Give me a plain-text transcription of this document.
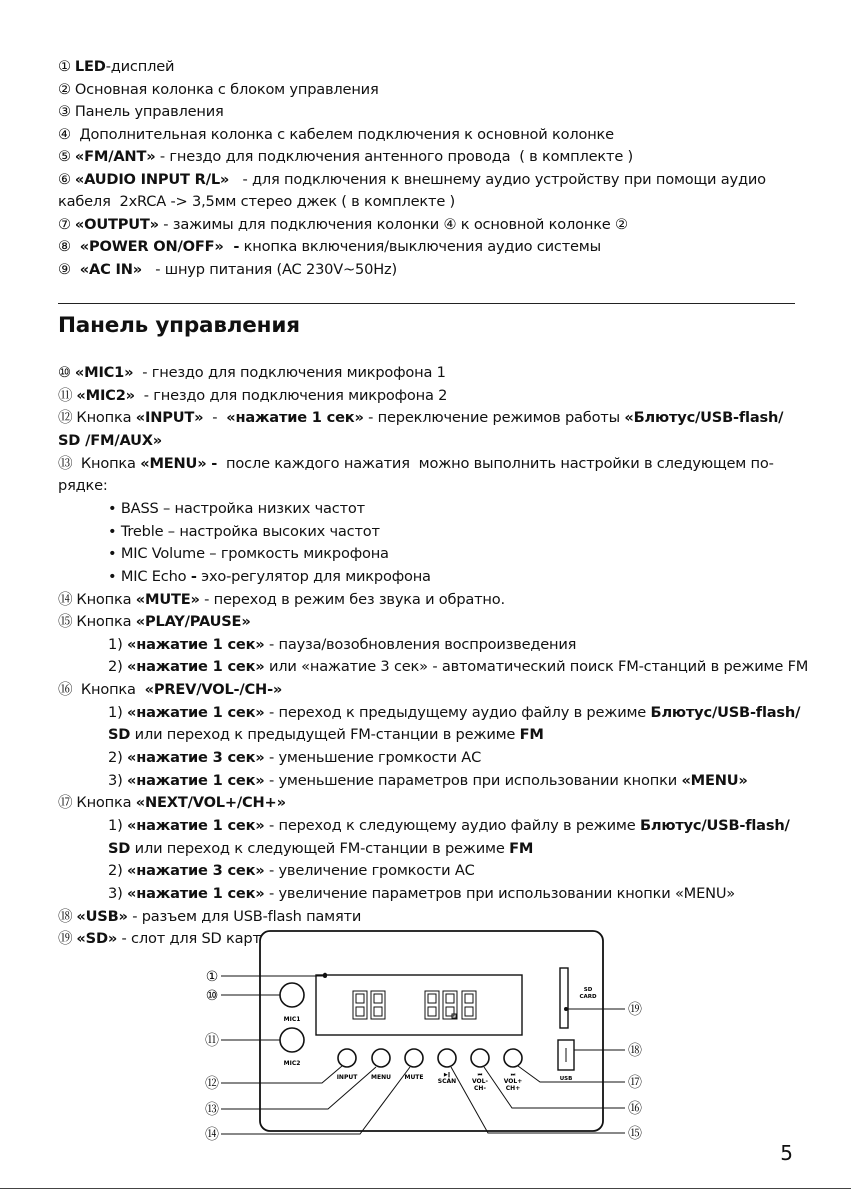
① LED-дисплей
② Основная колонка с блоком управления
③ Панель управления
④ Дополнительная колонка с кабелем подключения к основной колонке
⑤ «FM/ANT» - гнездо для подключения антенного провода  ( в комплекте )
⑥ «AUDIO INPUT R/L»   - для подключения к внешнему аудио устройству при помощи аудио
кабеля  2xRCA -> 3,5мм стерео джек ( в комплекте )
⑦ «OUTPUT» - зажимы для подключения колонки ④ к основной колонке ②
⑧ «POWER ON/OFF»  - кнопка включения/выключения аудио системы
⑨ «AC IN»   - шнур питания (AC 230V~50Hz)
Панель управления
⑩«MIC1»  - гнездо для подключения микрофона 1
⑪ «MIC2»  - гнездо для подключения микрофона 2
⑫Кнопка «INPUT»  -  «нажатие 1 сек» - переключение режимов работы «Блютус/USB-flash/
SD /FM/AUX»
⑬ Кнопка «MENU» -  после каждого нажатия  можно выполнить настройки в следующем по-
рядке:
• BASS – настройка низких частот
• Treble – настройка высоких частот
• MIC Volume – громкость микрофона
• MIC Echo - эхо-регулятор для микрофона
⑭Кнопка «MUTE» - переход в режим без звука и обратно.
⑮Кнопка «PLAY/PAUSE»
1) «нажатие 1 сек» - пауза/возобновления воспроизведения
2) «нажатие 1 сек» или «нажатие 3 сек» - автоматический поиск FM-станций в режиме FM
⑯ Кнопка  «PREV/VOL-/CH-»
1) «нажатие 1 сек» - переход к предыдущему аудио файлу в режиме Блютус/USB-flash/
SD или переход к предыдущей FM-станции в режиме FM
2) «нажатие 3 сек» - уменьшение громкости АС
3) «нажатие 1 сек» - уменьшение параметров при использовании кнопки «MENU»
⑰Кнопка «NEXT/VOL+/CH+»
1) «нажатие 1 сек» - переход к следующему аудио файлу в режиме Блютус/USB-flash/
SD или переход к следующей FM-станции в режиме FM
2) «нажатие 3 сек» - увеличение громкости АС
3) «нажатие 1 сек» - увеличение параметров при использовании кнопки «MENU»
⑱«USB» - разъем для USB-flash памяти
⑲«SD» - слот для SD карт
MIC1
MIC2
INPUT MENU MUTE	▶‖
SCAN
⏮
VOL-
CH-
⏭
VOL+
CH+
SD
CARD
USB
①
⑩
⑪
⑫
⑬
⑭
⑲
⑱
⑰
⑯
⑮
5
